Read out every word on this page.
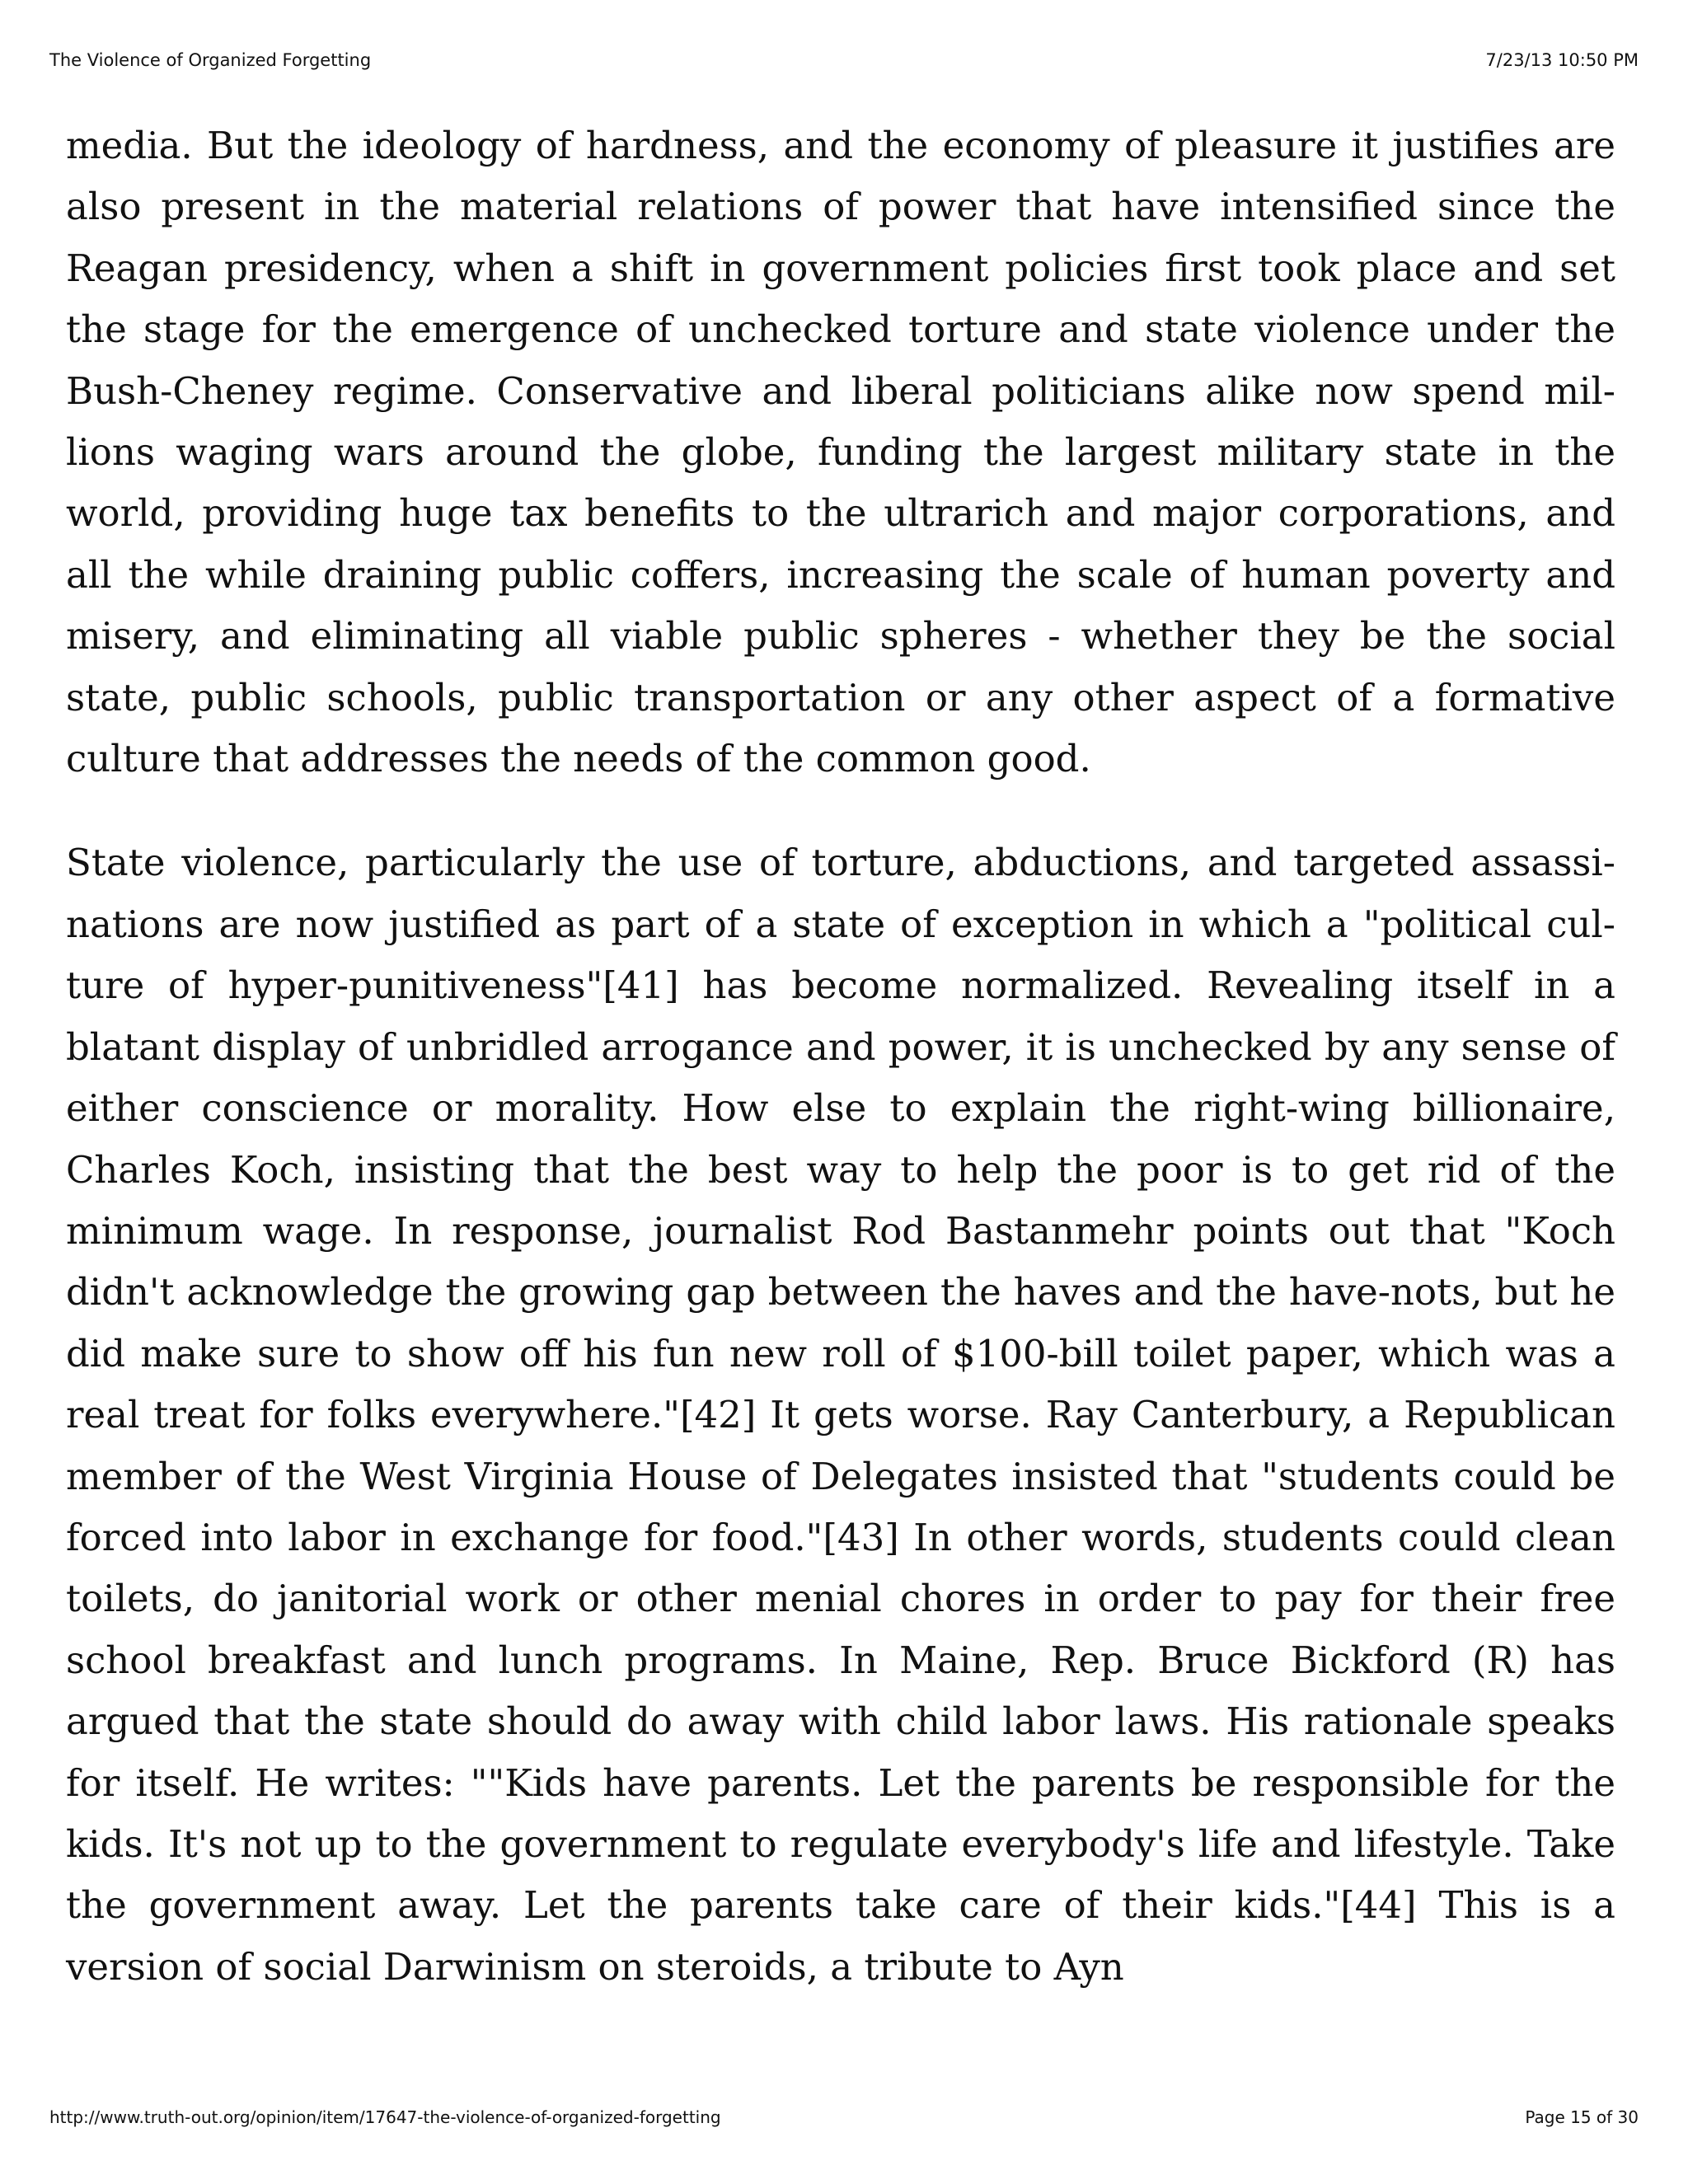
The Violence of Organized Forgetting	7/23/13 10:50 PM

media. But the ideology of hardness, and the economy of pleasure it justifies are also present in the material relations of power that have intensified since the Reagan presidency, when a shift in government policies first took place and set the stage for the emergence of unchecked torture and state violence under the Bush-Cheney regime. Conservative and liberal politicians alike now spend millions waging wars around the globe, funding the largest military state in the world, providing huge tax benefits to the ultrarich and major corporations, and all the while draining public coffers, increasing the scale of human poverty and misery, and eliminating all viable public spheres - whether they be the social state, public schools, public transportation or any other aspect of a formative culture that addresses the needs of the common good.

State violence, particularly the use of torture, abductions, and targeted assassinations are now justified as part of a state of exception in which a "political culture of hyper-punitiveness"[41] has become normalized. Revealing itself in a blatant display of unbridled arrogance and power, it is unchecked by any sense of either conscience or morality. How else to explain the right-wing billionaire, Charles Koch, insisting that the best way to help the poor is to get rid of the minimum wage. In response, journalist Rod Bastanmehr points out that "Koch didn't acknowledge the growing gap between the haves and the have-nots, but he did make sure to show off his fun new roll of $100-bill toilet paper, which was a real treat for folks everywhere."[42] It gets worse. Ray Canterbury, a Republican member of the West Virginia House of Delegates insisted that "students could be forced into labor in exchange for food."[43] In other words, students could clean toilets, do janitorial work or other menial chores in order to pay for their free school breakfast and lunch programs. In Maine, Rep. Bruce Bickford (R) has argued that the state should do away with child labor laws. His rationale speaks for itself. He writes: ""Kids have parents. Let the parents be responsible for the kids. It's not up to the government to regulate everybody's life and lifestyle. Take the government away. Let the parents take care of their kids."[44] This is a version of social Darwinism on steroids, a tribute to Ayn

http://www.truth-out.org/opinion/item/17647-the-violence-of-organized-forgetting	Page 15 of 30
